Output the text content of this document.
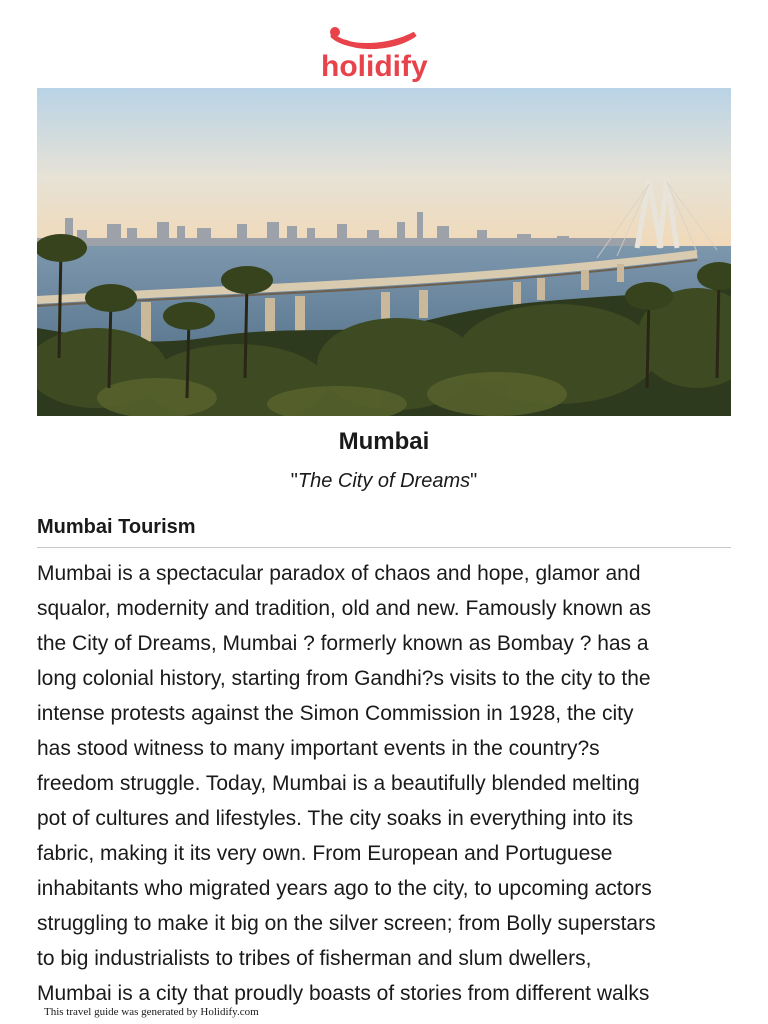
holidify
Mumbai
"The City of Dreams"
Mumbai Tourism
Mumbai is a spectacular paradox of chaos and hope, glamor and
squalor, modernity and tradition, old and new. Famously known as
the City of Dreams, Mumbai ? formerly known as Bombay ? has a
long colonial history, starting from Gandhi?s visits to the city to the
intense protests against the Simon Commission in 1928, the city
has stood witness to many important events in the country?s
freedom struggle. Today, Mumbai is a beautifully blended melting
pot of cultures and lifestyles. The city soaks in everything into its
fabric, making it its very own. From European and Portuguese
inhabitants who migrated years ago to the city, to upcoming actors
struggling to make it big on the silver screen; from Bolly superstars
to big industrialists to tribes of fisherman and slum dwellers,
Mumbai is a city that proudly boasts of stories from different walks
This travel guide was generated by Holidify.com
